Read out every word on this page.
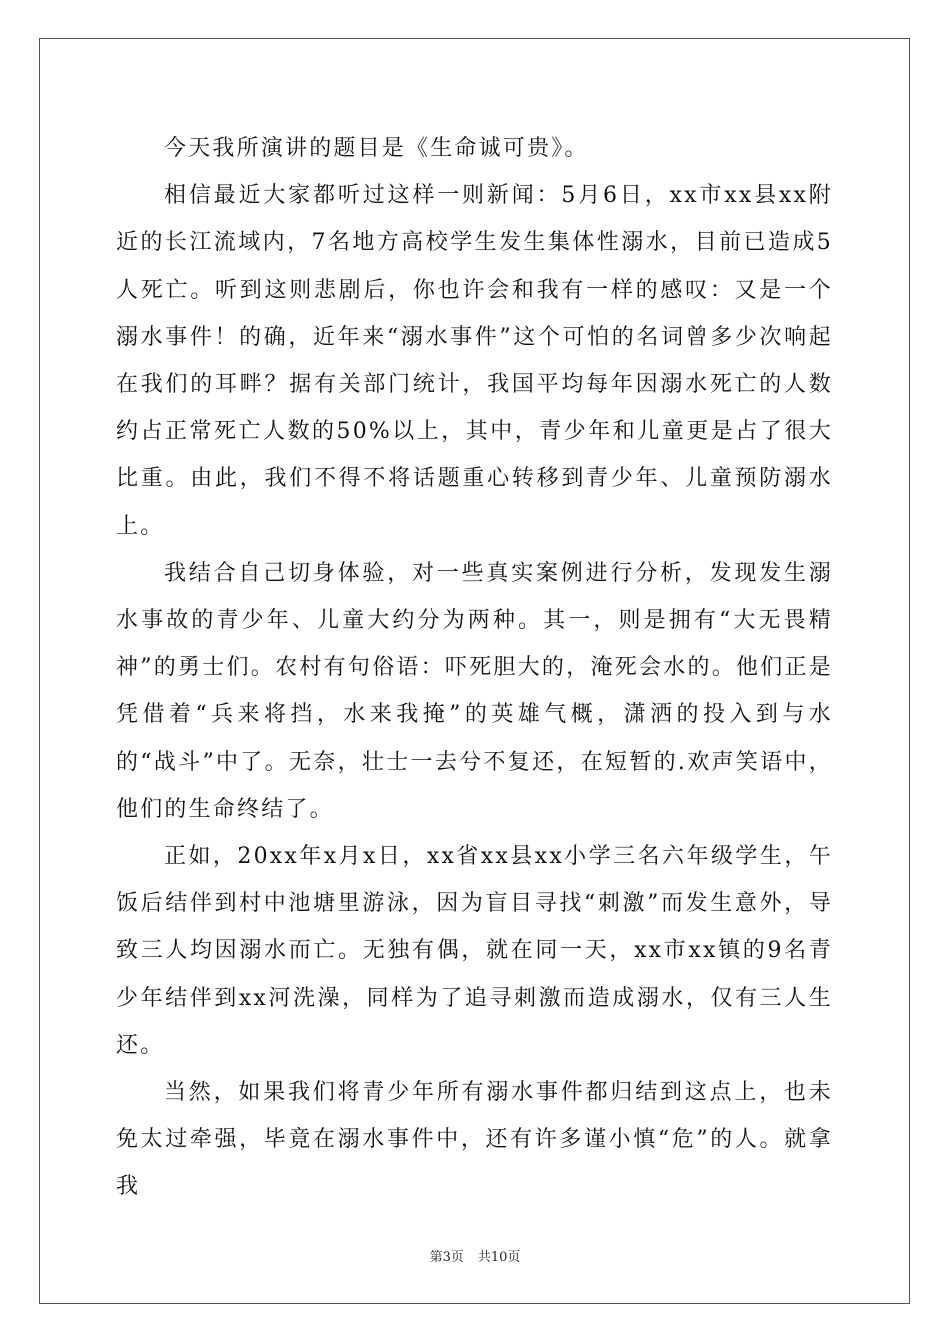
今天我所演讲的题目是《生命诚可贵》。

相信最近大家都听过这样一则新闻：5月6日，xx市xx县xx附近的长江流域内，7名地方高校学生发生集体性溺水，目前已造成5人死亡。听到这则悲剧后，你也许会和我有一样的感叹：又是一个溺水事件！的确，近年来“溺水事件”这个可怕的名词曾多少次响起在我们的耳畔？据有关部门统计，我国平均每年因溺水死亡的人数约占正常死亡人数的50%以上，其中，青少年和儿童更是占了很大比重。由此，我们不得不将话题重心转移到青少年、儿童预防溺水上。

我结合自己切身体验，对一些真实案例进行分析，发现发生溺水事故的青少年、儿童大约分为两种。其一，则是拥有“大无畏精神”的勇士们。农村有句俗语：吓死胆大的，淹死会水的。他们正是凭借着“兵来将挡，水来我掩”的英雄气概，潇洒的投入到与水的“战斗”中了。无奈，壮士一去兮不复还，在短暂的.欢声笑语中，他们的生命终结了。

正如，20xx年x月x日，xx省xx县xx小学三名六年级学生，午饭后结伴到村中池塘里游泳，因为盲目寻找“刺激”而发生意外，导致三人均因溺水而亡。无独有偶，就在同一天，xx市xx镇的9名青少年结伴到xx河洗澡，同样为了追寻刺激而造成溺水，仅有三人生还。

当然，如果我们将青少年所有溺水事件都归结到这点上，也未免太过牵强，毕竟在溺水事件中，还有许多谨小慎“危”的人。就拿我

第3页 共10页
